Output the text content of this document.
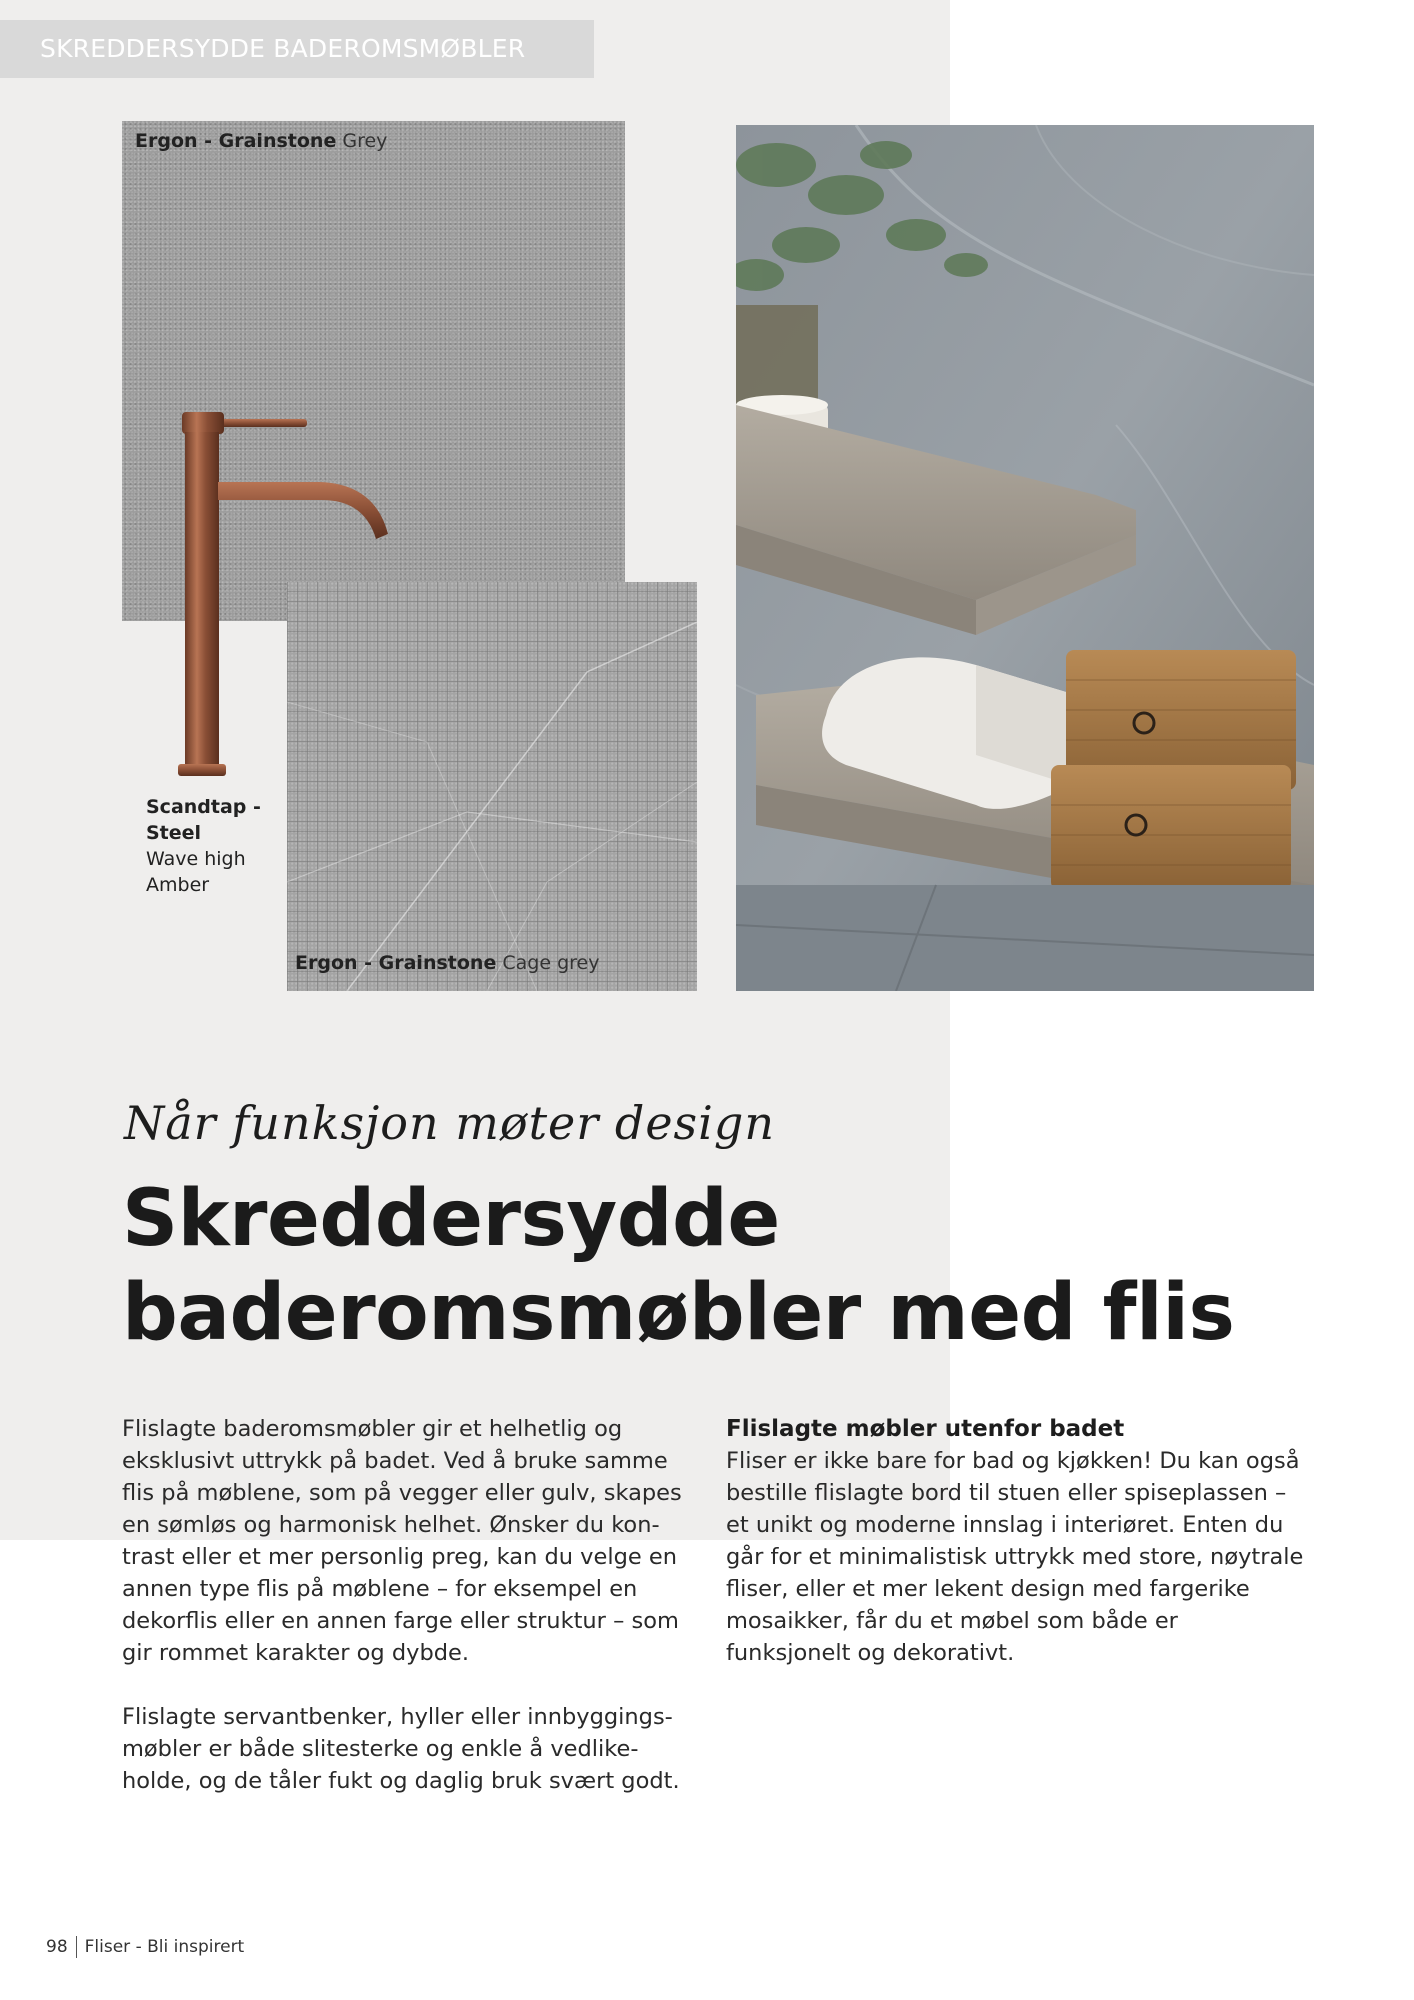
SKREDDERSYDDE BADEROMSMØBLER
Ergon - Grainstone Grey
Ergon - Grainstone Cage grey
Scandtap -
Steel
Wave high
Amber
Når funksjon møter design
Skreddersydde
baderomsmøbler med flis

Flislagte baderomsmøbler gir et helhetlig og eksklusivt uttrykk på badet. Ved å bruke samme flis på møblene, som på vegger eller gulv, skapes en sømløs og harmonisk helhet. Ønsker du kon-trast eller et mer personlig preg, kan du velge en annen type flis på møblene – for eksempel en dekorflis eller en annen farge eller struktur – som gir rommet karakter og dybde.

Flislagte servantbenker, hyller eller innbyggings-møbler er både slitesterke og enkle å vedlike-holde, og de tåler fukt og daglig bruk svært godt.

Flislagte møbler utenfor badet

Fliser er ikke bare for bad og kjøkken! Du kan også bestille flislagte bord til stuen eller spiseplassen – et unikt og moderne innslag i interiøret. Enten du går for et minimalistisk uttrykk med store, nøytrale fliser, eller et mer lekent design med fargerike mosaikker, får du et møbel som både er funksjonelt og dekorativt.

98 Fliser - Bli inspirert
